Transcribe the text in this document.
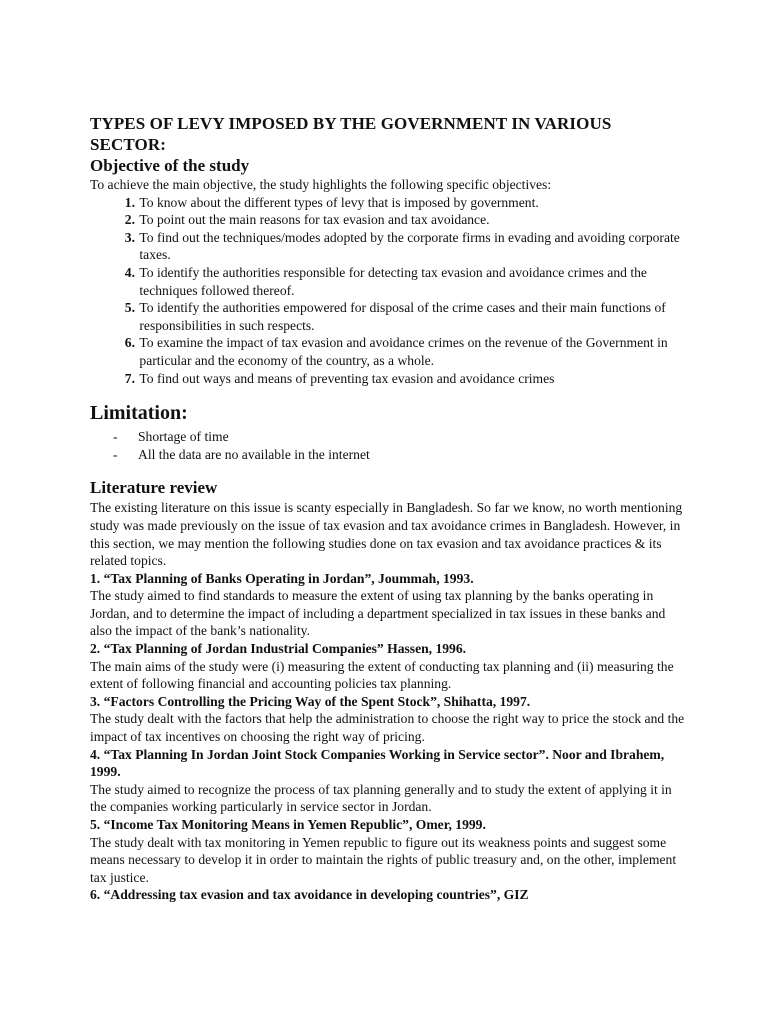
TYPES OF LEVY IMPOSED BY THE GOVERNMENT IN VARIOUS SECTOR:
Objective of the study

To achieve the main objective, the study highlights the following specific objectives:

1.
To know about the different types of levy that is imposed by government.
2.
To point out the main reasons for tax evasion and tax avoidance.
3.
To find out the techniques/modes adopted by the corporate firms in evading and avoiding corporate taxes.
4.
To identify the authorities responsible for detecting tax evasion and avoidance crimes and the techniques followed thereof.
5.
To identify the authorities empowered for disposal of the crime cases and their main functions of responsibilities in such respects.
6.
To examine the impact of tax evasion and avoidance crimes on the revenue of the Government in particular and the economy of the country, as a whole.
7.
To find out ways and means of preventing tax evasion and avoidance crimes
Limitation:
-	Shortage of time
-	All the data are no available in the internet
Literature review

The existing literature on this issue is scanty especially in Bangladesh. So far we know, no worth mentioning study was made previously on the issue of tax evasion and tax avoidance crimes in Bangladesh. However, in this section, we may mention the following studies done on tax evasion and tax avoidance practices & its related topics.

1. “Tax Planning of Banks Operating in Jordan”, Joummah, 1993.

The study aimed to find standards to measure the extent of using tax planning by the banks operating in Jordan, and to determine the impact of including a department specialized in tax issues in these banks and also the impact of the bank’s nationality.

2. “Tax Planning of Jordan Industrial Companies” Hassen, 1996.

The main aims of the study were (i) measuring the extent of conducting tax planning and (ii) measuring the extent of following financial and accounting policies tax planning.

3. “Factors Controlling the Pricing Way of the Spent Stock”, Shihatta, 1997.

The study dealt with the factors that help the administration to choose the right way to price the stock and the impact of tax incentives on choosing the right way of pricing.

4. “Tax Planning In Jordan Joint Stock Companies Working in Service sector”. Noor and Ibrahem, 1999.

The study aimed to recognize the process of tax planning generally and to study the extent of applying it in the companies working particularly in service sector in Jordan.

5. “Income Tax Monitoring Means in Yemen Republic”, Omer, 1999.

The study dealt with tax monitoring in Yemen republic to figure out its weakness points and suggest some means necessary to develop it in order to maintain the rights of public treasury and, on the other, implement tax justice.

6. “Addressing tax evasion and tax avoidance in developing countries”, GIZ
